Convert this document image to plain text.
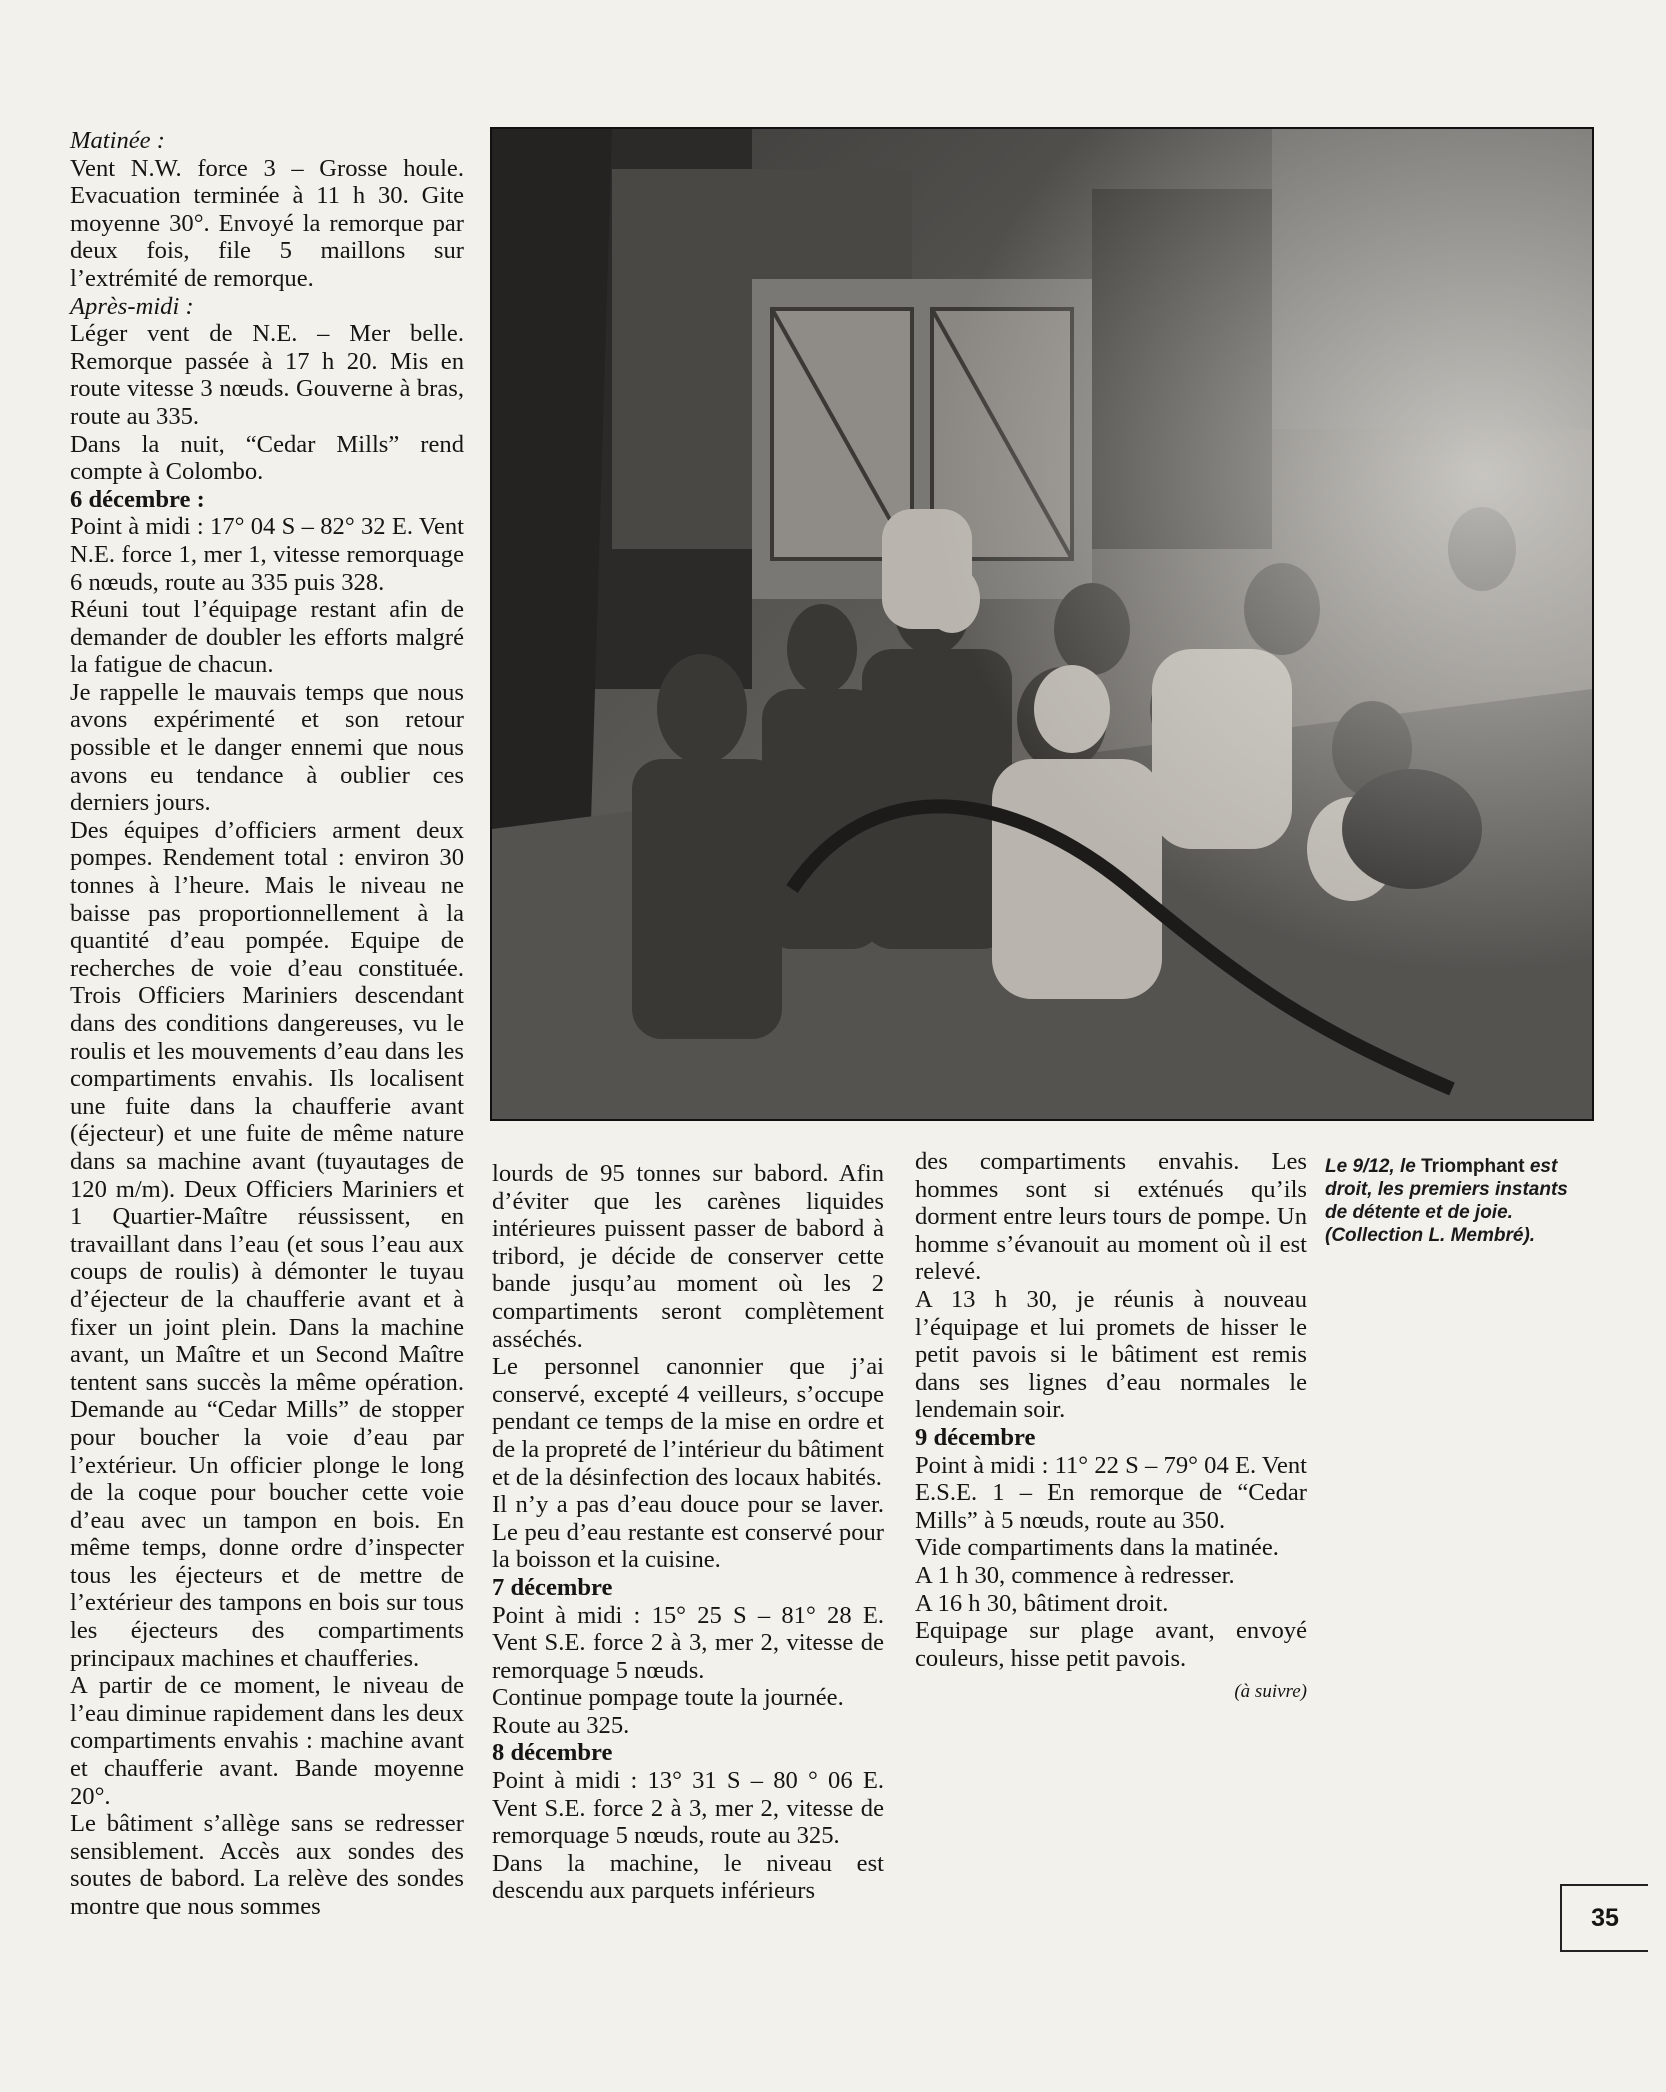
Matinée :

Vent N.W. force 3 – Grosse houle. Evacuation terminée à 11 h 30. Gite moyenne 30°. Envoyé la remorque par deux fois, file 5 maillons sur l’extrémité de remorque.

Après-midi :

Léger vent de N.E. – Mer belle. Remorque passée à 17 h 20. Mis en route vitesse 3 nœuds. Gouverne à bras, route au 335.

Dans la nuit, “Cedar Mills” rend compte à Colombo.

6 décembre :

Point à midi : 17° 04 S – 82° 32 E. Vent N.E. force 1, mer 1, vitesse remorquage 6 nœuds, route au 335 puis 328.

Réuni tout l’équipage restant afin de demander de doubler les efforts malgré la fatigue de chacun.

Je rappelle le mauvais temps que nous avons expérimenté et son retour possible et le danger ennemi que nous avons eu tendance à oublier ces derniers jours.

Des équipes d’officiers arment deux pompes. Rendement total : environ 30 tonnes à l’heure. Mais le niveau ne baisse pas proportionnellement à la quantité d’eau pompée. Equipe de recherches de voie d’eau constituée. Trois Officiers Mariniers descendant dans des conditions dangereuses, vu le roulis et les mouvements d’eau dans les compartiments envahis. Ils localisent une fuite dans la chaufferie avant (éjecteur) et une fuite de même nature dans sa machine avant (tuyautages de 120 m/m). Deux Officiers Mariniers et 1 Quartier-Maître réussissent, en travaillant dans l’eau (et sous l’eau aux coups de roulis) à démonter le tuyau d’éjecteur de la chaufferie avant et à fixer un joint plein. Dans la machine avant, un Maître et un Second Maître tentent sans succès la même opération. Demande au “Cedar Mills” de stopper pour boucher la voie d’eau par l’extérieur. Un officier plonge le long de la coque pour boucher cette voie d’eau avec un tampon en bois. En même temps, donne ordre d’inspecter tous les éjecteurs et de mettre de l’extérieur des tampons en bois sur tous les éjecteurs des compartiments principaux machines et chaufferies.

A partir de ce moment, le niveau de l’eau diminue rapidement dans les deux compartiments envahis : machine avant et chaufferie avant. Bande moyenne 20°.

Le bâtiment s’allège sans se redresser sensiblement. Accès aux sondes des soutes de babord. La relève des sondes montre que nous sommes

lourds de 95 tonnes sur babord. Afin d’éviter que les carènes liquides intérieures puissent passer de babord à tribord, je décide de conserver cette bande jusqu’au moment où les 2 compartiments seront complètement asséchés.

Le personnel canonnier que j’ai conservé, excepté 4 veilleurs, s’occupe pendant ce temps de la mise en ordre et de la propreté de l’intérieur du bâtiment et de la désinfection des locaux habités.

Il n’y a pas d’eau douce pour se laver. Le peu d’eau restante est conservé pour la boisson et la cuisine.

7 décembre

Point à midi : 15° 25 S – 81° 28 E. Vent S.E. force 2 à 3, mer 2, vitesse de remorquage 5 nœuds.

Continue pompage toute la journée.

Route au 325.

8 décembre

Point à midi : 13° 31 S – 80 ° 06 E. Vent S.E. force 2 à 3, mer 2, vitesse de remorquage 5 nœuds, route au 325.

Dans la machine, le niveau est descendu aux parquets inférieurs

des compartiments envahis. Les hommes sont si exténués qu’ils dorment entre leurs tours de pompe. Un homme s’évanouit au moment où il est relevé.

A 13 h 30, je réunis à nouveau l’équipage et lui promets de hisser le petit pavois si le bâtiment est remis dans ses lignes d’eau normales le lendemain soir.

9 décembre

Point à midi : 11° 22 S – 79° 04 E. Vent E.S.E. 1 – En remorque de “Cedar Mills” à 5 nœuds, route au 350.

Vide compartiments dans la matinée.

A 1 h 30, commence à redresser.

A 16 h 30, bâtiment droit.

Equipage sur plage avant, envoyé couleurs, hisse petit pavois.

(à suivre)

Le 9/12, le Triomphant est droit, les premiers instants de détente et de joie. (Collection L. Membré).
35
